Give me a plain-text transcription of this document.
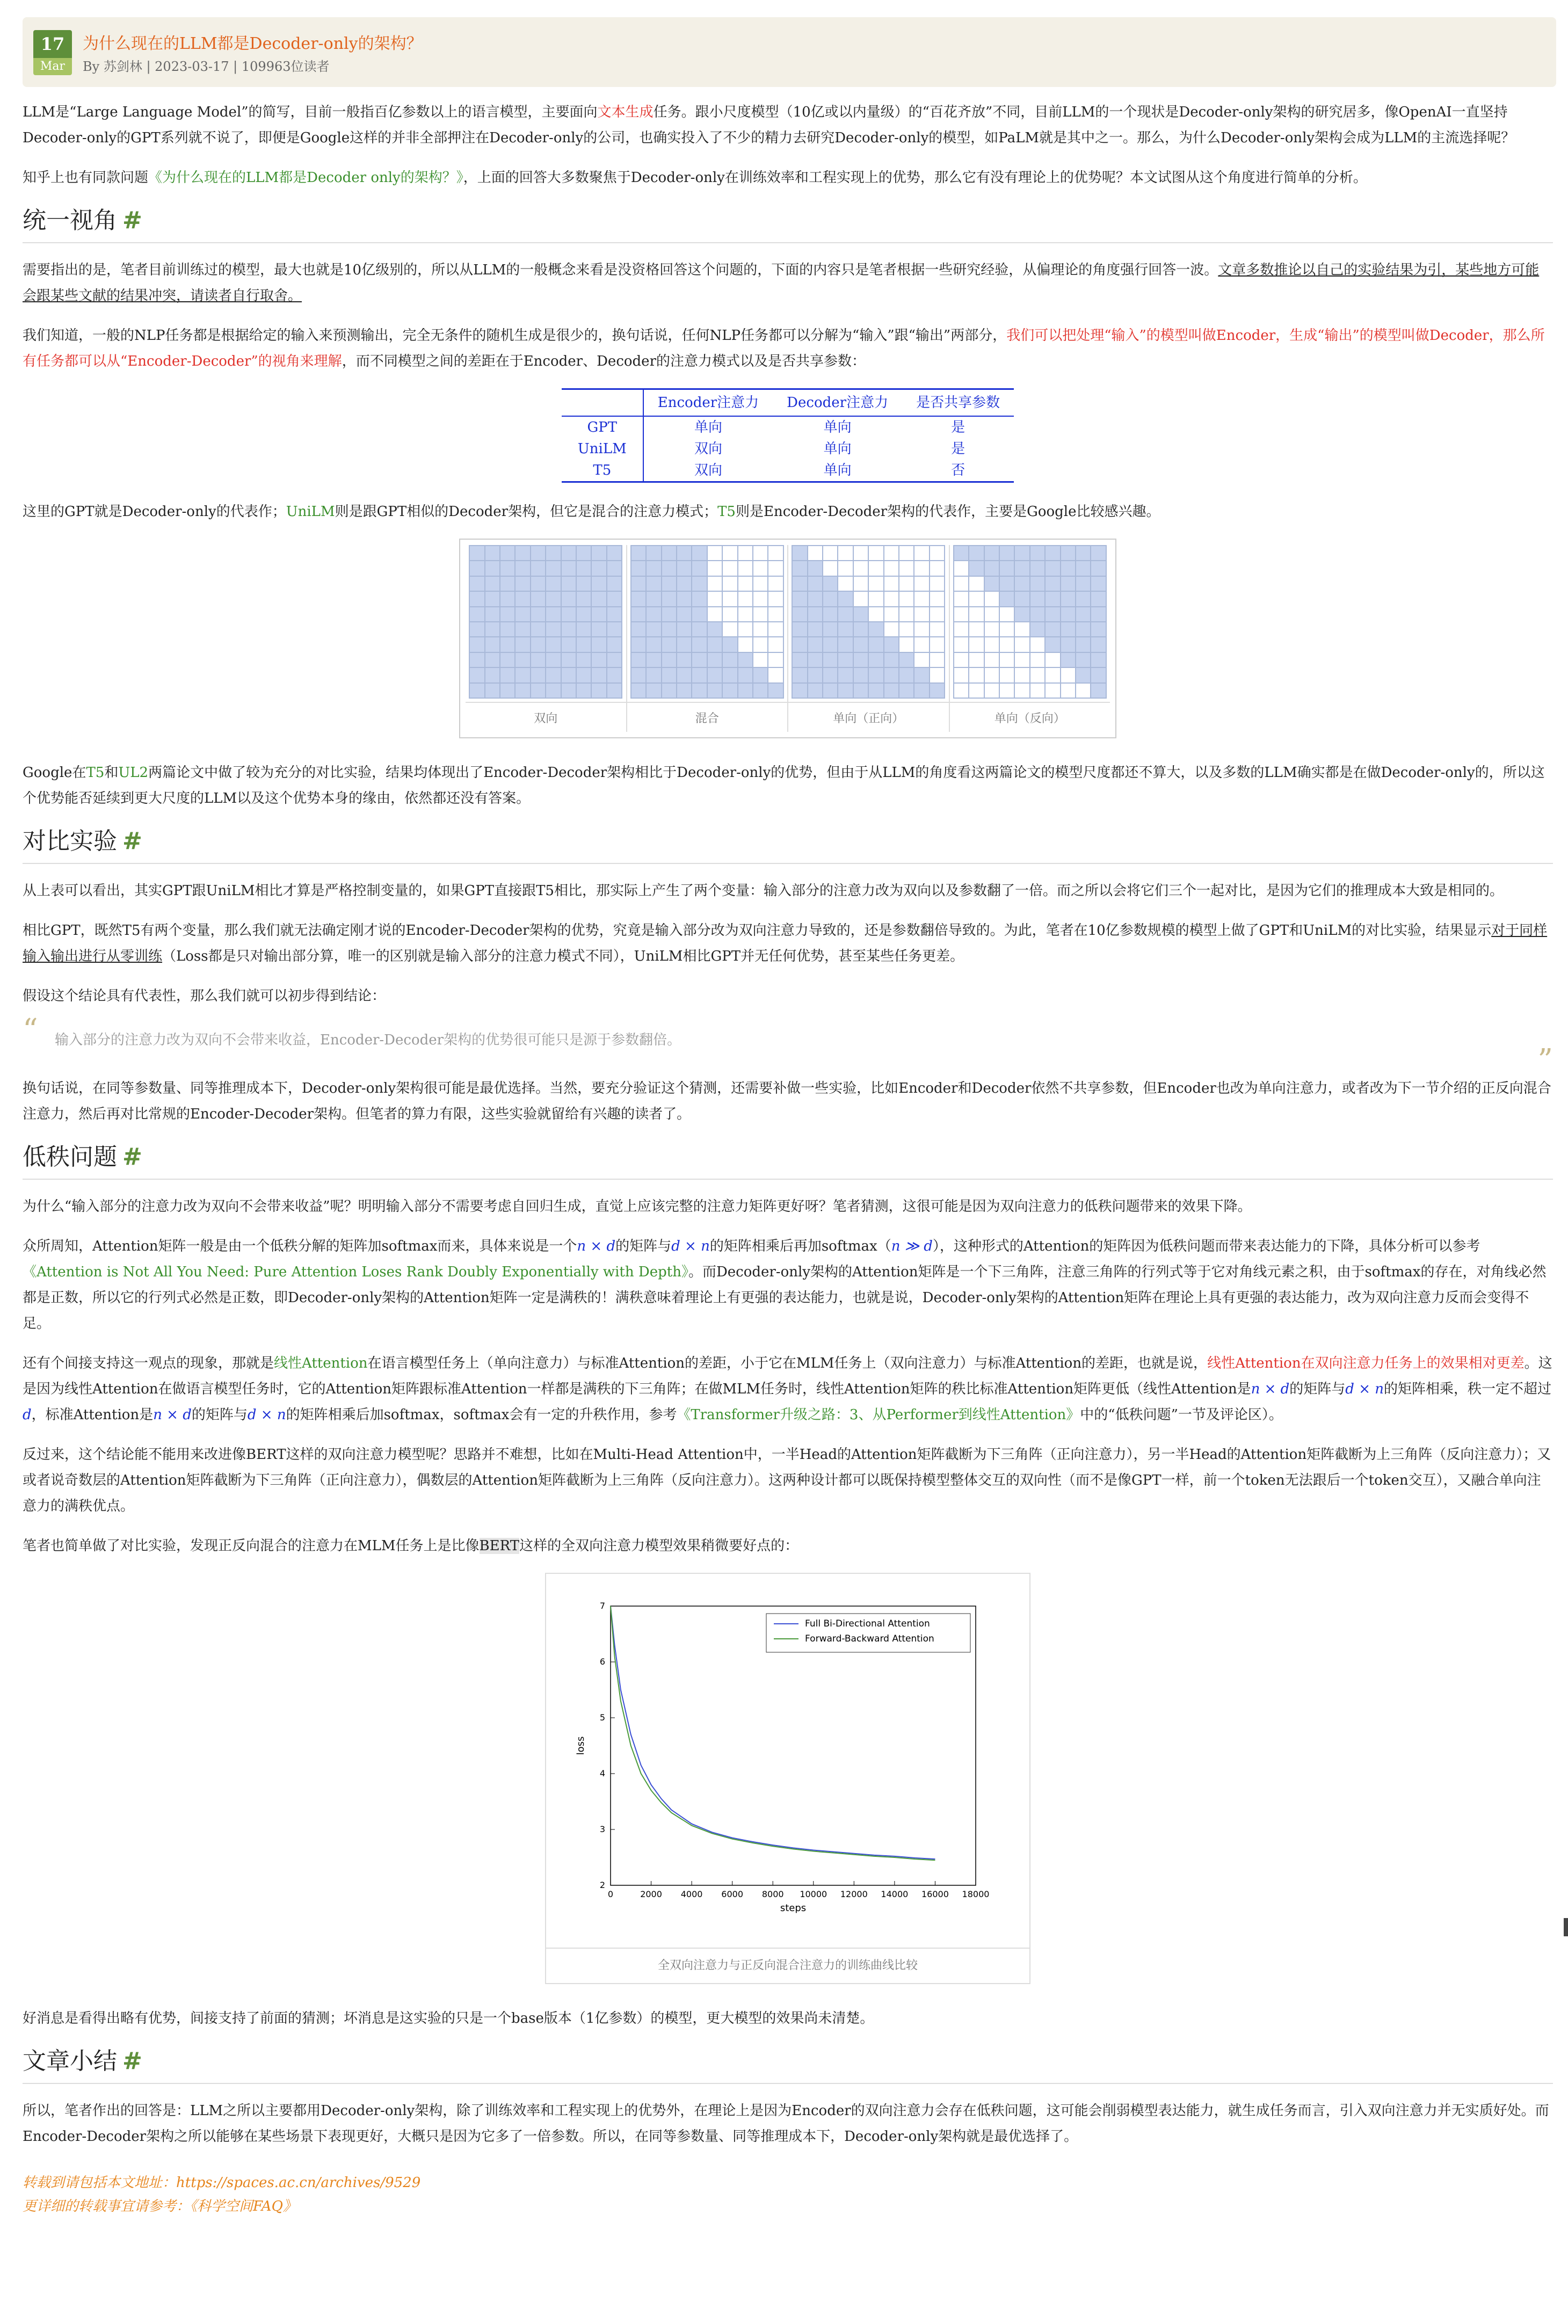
17
Mar
为什么现在的LLM都是Decoder-only的架构？
By 苏剑林 | 2023-03-17 | 109963位读者

LLM是“Large Language Model”的简写，目前一般指百亿参数以上的语言模型，主要面向文本生成任务。跟小尺度模型（10亿或以内量级）的“百花齐放”不同，目前LLM的一个现状是Decoder-only架构的研究居多，像OpenAI一直坚持Decoder-only的GPT系列就不说了，即便是Google这样的并非全部押注在Decoder-only的公司，也确实投入了不少的精力去研究Decoder-only的模型，如PaLM就是其中之一。那么，为什么Decoder-only架构会成为LLM的主流选择呢？

知乎上也有同款问题《为什么现在的LLM都是Decoder only的架构？》，上面的回答大多数聚焦于Decoder-only在训练效率和工程实现上的优势，那么它有没有理论上的优势呢？本文试图从这个角度进行简单的分析。

统一视角 #

需要指出的是，笔者目前训练过的模型，最大也就是10亿级别的，所以从LLM的一般概念来看是没资格回答这个问题的，下面的内容只是笔者根据一些研究经验，从偏理论的角度强行回答一波。文章多数推论以自己的实验结果为引，某些地方可能会跟某些文献的结果冲突，请读者自行取舍。

我们知道，一般的NLP任务都是根据给定的输入来预测输出，完全无条件的随机生成是很少的，换句话说，任何NLP任务都可以分解为“输入”跟“输出”两部分，我们可以把处理“输入”的模型叫做Encoder，生成“输出”的模型叫做Decoder，那么所有任务都可以从“Encoder-Decoder”的视角来理解，而不同模型之间的差距在于Encoder、Decoder的注意力模式以及是否共享参数：

	Encoder注意力	Decoder注意力	是否共享参数
GPT	单向	单向	是
UniLM	双向	单向	是
T5	双向	单向	否

这里的GPT就是Decoder-only的代表作；UniLM则是跟GPT相似的Decoder架构，但它是混合的注意力模式；T5则是Encoder-Decoder架构的代表作，主要是Google比较感兴趣。

双向	混合	单向（正向）	单向（反向）

Google在T5和UL2两篇论文中做了较为充分的对比实验，结果均体现出了Encoder-Decoder架构相比于Decoder-only的优势，但由于从LLM的角度看这两篇论文的模型尺度都还不算大，以及多数的LLM确实都是在做Decoder-only的，所以这个优势能否延续到更大尺度的LLM以及这个优势本身的缘由，依然都还没有答案。

对比实验 #

从上表可以看出，其实GPT跟UniLM相比才算是严格控制变量的，如果GPT直接跟T5相比，那实际上产生了两个变量：输入部分的注意力改为双向以及参数翻了一倍。而之所以会将它们三个一起对比，是因为它们的推理成本大致是相同的。

相比GPT，既然T5有两个变量，那么我们就无法确定刚才说的Encoder-Decoder架构的优势，究竟是输入部分改为双向注意力导致的，还是参数翻倍导致的。为此，笔者在10亿参数规模的模型上做了GPT和UniLM的对比实验，结果显示对于同样输入输出进行从零训练（Loss都是只对输出部分算，唯一的区别就是输入部分的注意力模式不同），UniLM相比GPT并无任何优势，甚至某些任务更差。

假设这个结论具有代表性，那么我们就可以初步得到结论：

“ 输入部分的注意力改为双向不会带来收益，Encoder-Decoder架构的优势很可能只是源于参数翻倍。
”

换句话说，在同等参数量、同等推理成本下，Decoder-only架构很可能是最优选择。当然，要充分验证这个猜测，还需要补做一些实验，比如Encoder和Decoder依然不共享参数，但Encoder也改为单向注意力，或者改为下一节介绍的正反向混合注意力，然后再对比常规的Encoder-Decoder架构。但笔者的算力有限，这些实验就留给有兴趣的读者了。

低秩问题 #

为什么“输入部分的注意力改为双向不会带来收益”呢？明明输入部分不需要考虑自回归生成，直觉上应该完整的注意力矩阵更好呀？笔者猜测，这很可能是因为双向注意力的低秩问题带来的效果下降。

众所周知，Attention矩阵一般是由一个低秩分解的矩阵加softmax而来，具体来说是一个n × d的矩阵与d × n的矩阵相乘后再加softmax（n ≫ d），这种形式的Attention的矩阵因为低秩问题而带来表达能力的下降，具体分析可以参考《Attention is Not All You Need: Pure Attention Loses Rank Doubly Exponentially with Depth》。而Decoder-only架构的Attention矩阵是一个下三角阵，注意三角阵的行列式等于它对角线元素之积，由于softmax的存在，对角线必然都是正数，所以它的行列式必然是正数，即Decoder-only架构的Attention矩阵一定是满秩的！满秩意味着理论上有更强的表达能力，也就是说，Decoder-only架构的Attention矩阵在理论上具有更强的表达能力，改为双向注意力反而会变得不足。

还有个间接支持这一观点的现象，那就是线性Attention在语言模型任务上（单向注意力）与标准Attention的差距，小于它在MLM任务上（双向注意力）与标准Attention的差距，也就是说，线性Attention在双向注意力任务上的效果相对更差。这是因为线性Attention在做语言模型任务时，它的Attention矩阵跟标准Attention一样都是满秩的下三角阵；在做MLM任务时，线性Attention矩阵的秩比标准Attention矩阵更低（线性Attention是n × d的矩阵与d × n的矩阵相乘，秩一定不超过d，标准Attention是n × d的矩阵与d × n的矩阵相乘后加softmax，softmax会有一定的升秩作用，参考《Transformer升级之路：3、从Performer到线性Attention》中的“低秩问题”一节及评论区）。

反过来，这个结论能不能用来改进像BERT这样的双向注意力模型呢？思路并不难想，比如在Multi-Head Attention中，一半Head的Attention矩阵截断为下三角阵（正向注意力），另一半Head的Attention矩阵截断为上三角阵（反向注意力）；又或者说奇数层的Attention矩阵截断为下三角阵（正向注意力），偶数层的Attention矩阵截断为上三角阵（反向注意力）。这两种设计都可以既保持模型整体交互的双向性（而不是像GPT一样，前一个token无法跟后一个token交互），又融合单向注意力的满秩优点。

笔者也简单做了对比实验，发现正反向混合的注意力在MLM任务上是比像BERT这样的全双向注意力模型效果稍微要好点的：

0	2000 4000 6000 8000 10000 12000 14000 16000 18000
2
3
4
5
6
7
steps
loss
Full Bi-Directional Attention
Forward-Backward Attention
全双向注意力与正反向混合注意力的训练曲线比较

好消息是看得出略有优势，间接支持了前面的猜测；坏消息是这实验的只是一个base版本（1亿参数）的模型，更大模型的效果尚未清楚。

文章小结 #

所以，笔者作出的回答是：LLM之所以主要都用Decoder-only架构，除了训练效率和工程实现上的优势外，在理论上是因为Encoder的双向注意力会存在低秩问题，这可能会削弱模型表达能力，就生成任务而言，引入双向注意力并无实质好处。而Encoder-Decoder架构之所以能够在某些场景下表现更好，大概只是因为它多了一倍参数。所以，在同等参数量、同等推理成本下，Decoder-only架构就是最优选择了。

转载到请包括本文地址：https://spaces.ac.cn/archives/9529
更详细的转载事宜请参考：《科学空间FAQ》
